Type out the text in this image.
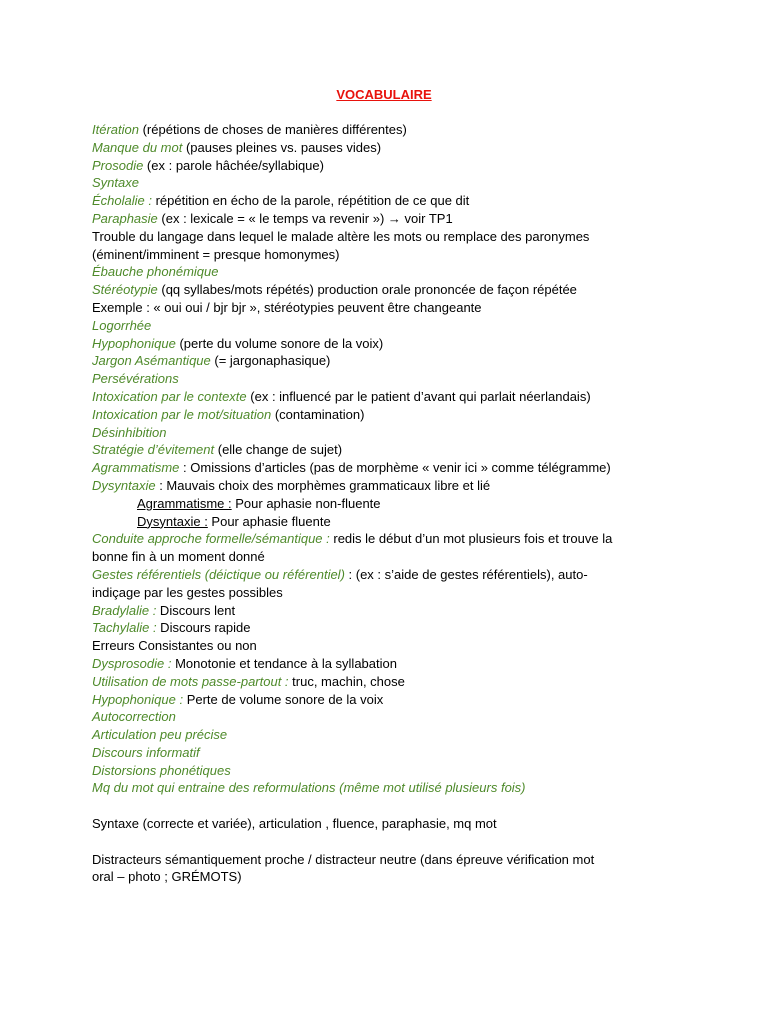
VOCABULAIRE
Itération (répétions de choses de manières différentes)
Manque du mot (pauses pleines vs. pauses vides)
Prosodie (ex : parole hâchée/syllabique)
Syntaxe
Écholalie : répétition en écho de la parole, répétition de ce que dit
Paraphasie (ex : lexicale = « le temps va revenir ») → voir TP1
Trouble du langage dans lequel le malade altère les mots ou remplace des paronymes
(éminent/imminent = presque homonymes)
Ébauche phonémique
Stéréotypie (qq syllabes/mots répétés) production orale prononcée de façon répétée
Exemple : « oui oui / bjr bjr », stéréotypies peuvent être changeante
Logorrhée
Hypophonique (perte du volume sonore de la voix)
Jargon Asémantique (= jargonaphasique)
Persévérations
Intoxication par le contexte (ex : influencé par le patient d’avant qui parlait néerlandais)
Intoxication par le mot/situation (contamination)
Désinhibition
Stratégie d’évitement (elle change de sujet)
Agrammatisme : Omissions d’articles (pas de morphème « venir ici » comme télégramme)
Dysyntaxie : Mauvais choix des morphèmes grammaticaux libre et lié
Agrammatisme : Pour aphasie non-fluente
Dysyntaxie : Pour aphasie fluente
Conduite approche formelle/sémantique : redis le début d’un mot plusieurs fois et trouve la
bonne fin à un moment donné
Gestes référentiels (déictique ou référentiel) : (ex : s’aide de gestes référentiels), auto-
indiçage par les gestes possibles
Bradylalie : Discours lent
Tachylalie : Discours rapide
Erreurs Consistantes ou non
Dysprosodie : Monotonie et tendance à la syllabation
Utilisation de mots passe-partout : truc, machin, chose
Hypophonique : Perte de volume sonore de la voix
Autocorrection
Articulation peu précise
Discours informatif
Distorsions phonétiques
Mq du mot qui entraine des reformulations (même mot utilisé plusieurs fois)
Syntaxe (correcte et variée), articulation , fluence, paraphasie, mq mot
Distracteurs sémantiquement proche / distracteur neutre (dans épreuve vérification mot
oral – photo ; GRÉMOTS)
